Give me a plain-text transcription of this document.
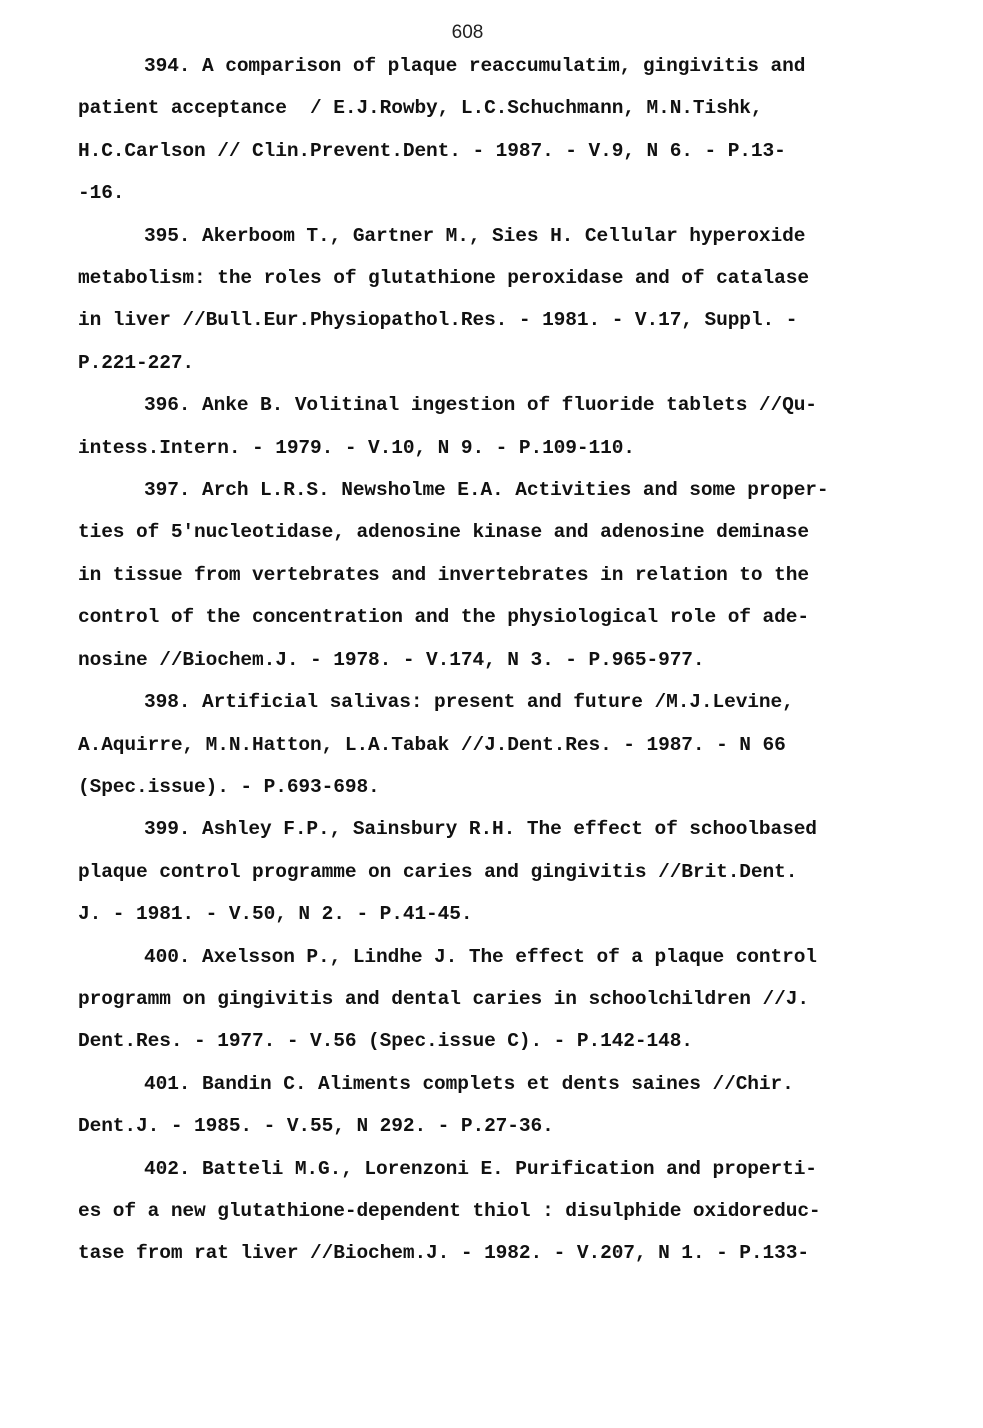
608
394. A comparison of plaque reaccumulatim, gingivitis and
patient acceptance  / E.J.Rowby, L.C.Schuchmann, M.N.Tishk,
H.C.Carlson // Clin.Prevent.Dent. - 1987. - V.9, N 6. - P.13-
-16.
395. Akerboom T., Gartner M., Sies H. Cellular hyperoxide
metabolism: the roles of glutathione peroxidase and of catalase
in liver //Bull.Eur.Physiopathol.Res. - 1981. - V.17, Suppl. -
P.221-227.
396. Anke B. Volitinal ingestion of fluoride tablets //Qu-
intess.Intern. - 1979. - V.10, N 9. - P.109-110.
397. Arch L.R.S. Newsholme E.A. Activities and some proper-
ties of 5'nucleotidase, adenosine kinase and adenosine deminase
in tissue from vertebrates and invertebrates in relation to the
control of the concentration and the physiological role of ade-
nosine //Biochem.J. - 1978. - V.174, N 3. - P.965-977.
398. Artificial salivas: present and future /M.J.Levine,
A.Aquirre, M.N.Hatton, L.A.Tabak //J.Dent.Res. - 1987. - N 66
(Spec.issue). - P.693-698.
399. Ashley F.P., Sainsbury R.H. The effect of schoolbased
plaque control programme on caries and gingivitis //Brit.Dent.
J. - 1981. - V.50, N 2. - P.41-45.
400. Axelsson P., Lindhe J. The effect of a plaque control
programm on gingivitis and dental caries in schoolchildren //J.
Dent.Res. - 1977. - V.56 (Spec.issue C). - P.142-148.
401. Bandin C. Aliments complets et dents saines //Chir.
Dent.J. - 1985. - V.55, N 292. - P.27-36.
402. Batteli M.G., Lorenzoni E. Purification and properti-
es of a new glutathione-dependent thiol : disulphide oxidoreduc-
tase from rat liver //Biochem.J. - 1982. - V.207, N 1. - P.133-
